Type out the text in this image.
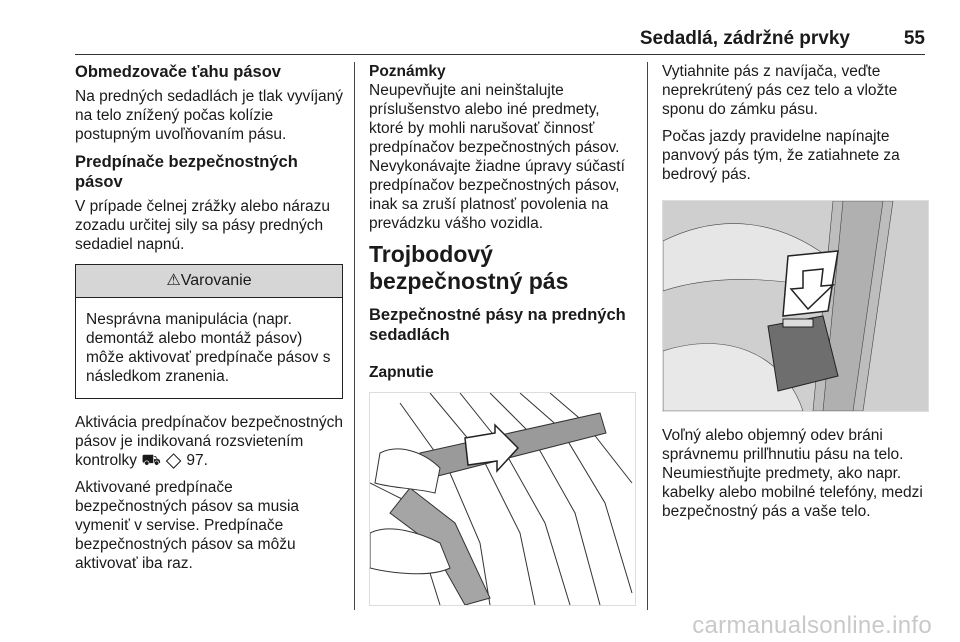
Sedadlá, zádržné prvky	55
Obmedzovače ťahu pásov

Na predných sedadlách je tlak vyvíjaný na telo znížený počas kolízie postupným uvoľňovaním pásu.

Predpínače bezpečnostných pásov

V prípade čelnej zrážky alebo nárazu zozadu určitej sily sa pásy predných sedadiel napnú.

⚠Varovanie
Nesprávna manipulácia (napr. demontáž alebo montáž pásov) môže aktivovať predpínače pásov s následkom zranenia.

Aktivácia predpínačov bezpečnostných pásov je indikovaná rozsvietením kontrolky ⛟ ◇ 97.

Aktivované predpínače bezpečnostných pásov sa musia vymeniť v servise. Predpínače bezpečnostných pásov sa môžu aktivovať iba raz.

Poznámky

Neupevňujte ani neinštalujte príslušenstvo alebo iné predmety, ktoré by mohli narušovať činnosť predpínačov bezpečnostných pásov. Nevykonávajte žiadne úpravy súčastí predpínačov bezpečnostných pásov, inak sa zruší platnosť povolenia na prevádzku vášho vozidla.

Trojbodový bezpečnostný pás
Bezpečnostné pásy na predných sedadlách
Zapnutie

Vytiahnite pás z navíjača, veďte neprekrútený pás cez telo a vložte sponu do zámku pásu.

Počas jazdy pravidelne napínajte panvový pás tým, že zatiahnete za bedrový pás.

Voľný alebo objemný odev bráni správnemu prilľhnutiu pásu na telo. Neumiestňujte predmety, ako napr. kabelky alebo mobilné telefóny, medzi bezpečnostný pás a vaše telo.

carmanualsonline.info
